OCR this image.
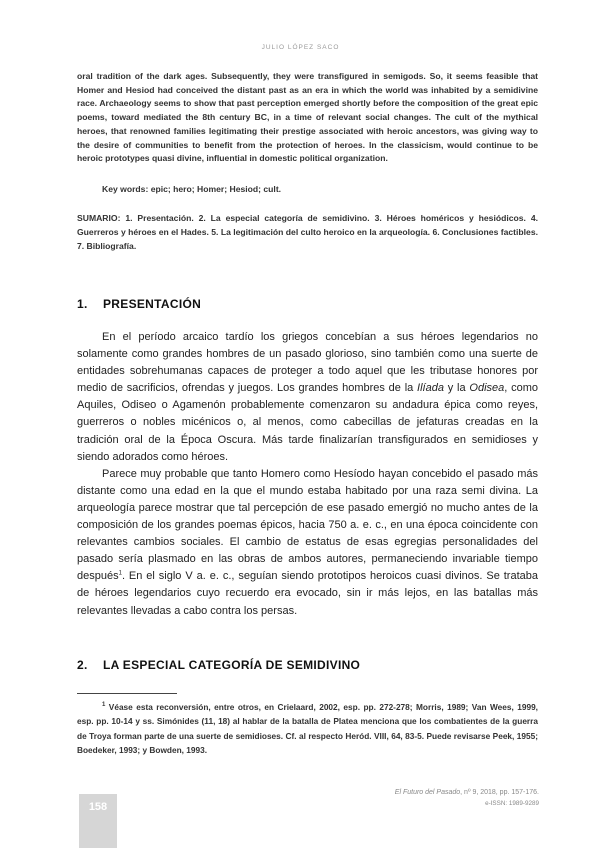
JULIO LÓPEZ SACO

oral tradition of the dark ages. Subsequently, they were transfigured in semigods. So, it seems feasible that Homer and Hesiod had conceived the distant past as an era in which the world was inhabited by a semidivine race. Archaeology seems to show that past perception emerged shortly before the composition of the great epic poems, toward mediated the 8th century BC, in a time of relevant social changes. The cult of the mythical heroes, that renowned families legitimating their prestige associated with heroic ancestors, was giving way to the desire of communities to benefit from the protection of heroes. In the classicism, would continue to be heroic prototypes quasi divine, influential in domestic political organization.

Key words: epic; hero; Homer; Hesiod; cult.
SUMARIO: 1. Presentación. 2. La especial categoría de semidivino. 3. Héroes homéricos y hesiódicos. 4. Guerreros y héroes en el Hades. 5. La legitimación del culto heroico en la arqueología. 6. Conclusiones factibles. 7. Bibliografía.
1. PRESENTACIÓN

En el período arcaico tardío los griegos concebían a sus héroes legendarios no solamente como grandes hombres de un pasado glorioso, sino también como una suerte de entidades sobrehumanas capaces de proteger a todo aquel que les tributase honores por medio de sacrificios, ofrendas y juegos. Los grandes hombres de la Ilíada y la Odisea, como Aquiles, Odiseo o Agamenón probablemente comenzaron su andadura épica como reyes, guerreros o nobles micénicos o, al menos, como cabecillas de jefaturas creadas en la tradición oral de la Época Oscura. Más tarde finalizarían transfigurados en semidioses y siendo adorados como héroes.

Parece muy probable que tanto Homero como Hesíodo hayan concebido el pasado más distante como una edad en la que el mundo estaba habitado por una raza semi divina. La arqueología parece mostrar que tal percepción de ese pasado emergió no mucho antes de la composición de los grandes poemas épicos, hacia 750 a. e. c., en una época coincidente con relevantes cambios sociales. El cambio de estatus de esas egregias personalidades del pasado sería plasmado en las obras de ambos autores, permaneciendo invariable tiempo después$^1$. En el siglo V a. e. c., seguían siendo prototipos heroicos cuasi divinos. Se trataba de héroes legendarios cuyo recuerdo era evocado, sin ir más lejos, en las batallas más relevantes llevadas a cabo contra los persas.

2. LA ESPECIAL CATEGORÍA DE SEMIDIVINO

$^1$ Véase esta reconversión, entre otros, en Crielaard, 2002, esp. pp. 272-278; Morris, 1989; Van Wees, 1999, esp. pp. 10-14 y ss. Simónides (11, 18) al hablar de la batalla de Platea menciona que los combatientes de la guerra de Troya forman parte de una suerte de semidioses. Cf. al respecto Heród. VIII, 64, 83-5. Puede revisarse Peek, 1955; Boedeker, 1993; y Bowden, 1993.

158
El Futuro del Pasado, nº 9, 2018, pp. 157-176.
e-ISSN: 1989-9289
